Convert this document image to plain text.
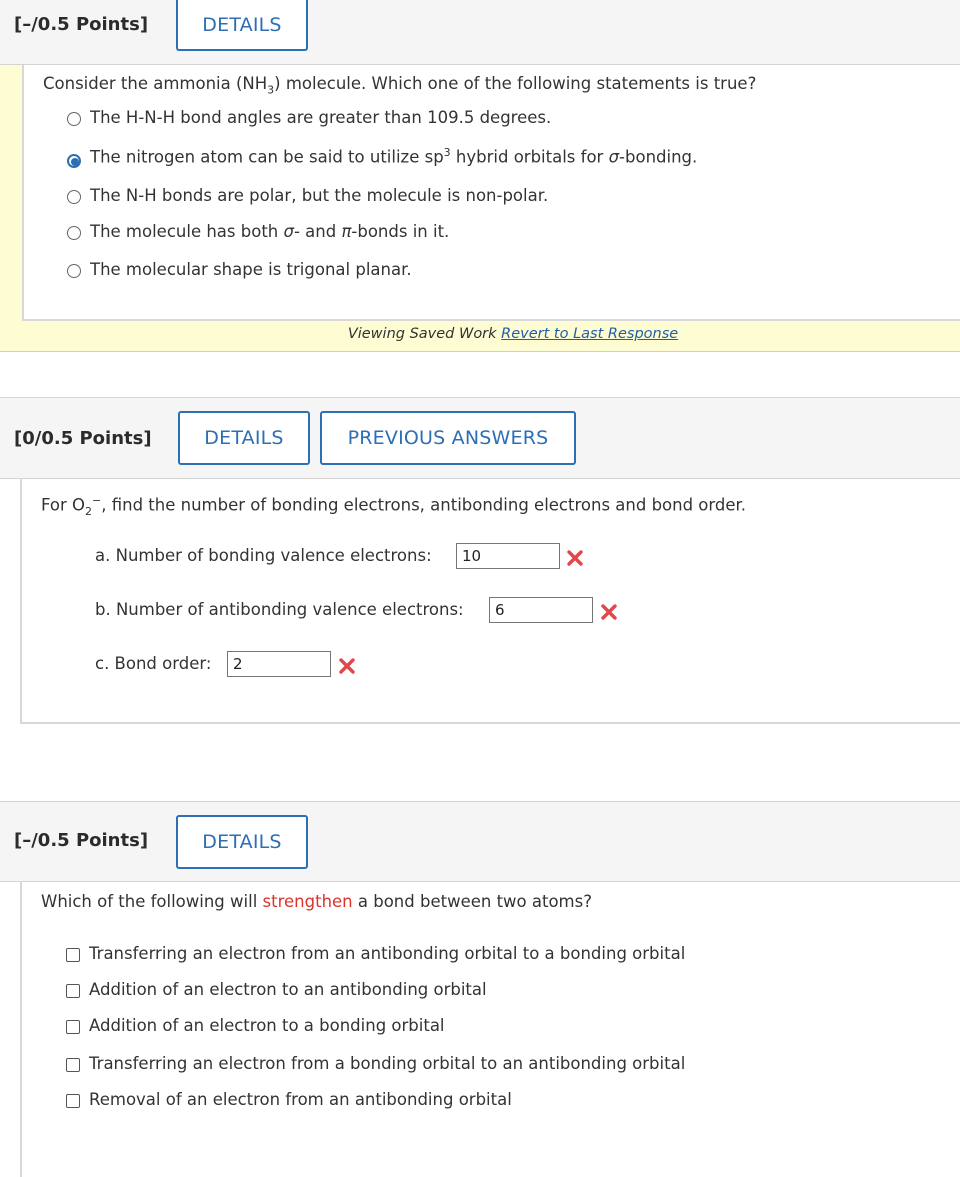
[–/0.5 Points]	DETAILS
Consider the ammonia $(NH_3)$ molecule. Which one of the following statements is true?
The H-N-H bond angles are greater than 109.5 degrees.
The nitrogen atom can be said to utilize $sp^3$ hybrid orbitals for σ-bonding.
The N-H bonds are polar, but the molecule is non-polar.
The molecule has both σ- and π-bonds in it.
The molecular shape is trigonal planar.
Viewing Saved Work Revert to Last Response
[0/0.5 Points]	DETAILS	PREVIOUS ANSWERS
For $O_2^-$, find the number of bonding electrons, antibonding electrons and bond order.
a. Number of bonding valence electrons:	10
b. Number of antibonding valence electrons:	6
c. Bond order:	2
[–/0.5 Points]	DETAILS
Which of the following will strengthen a bond between two atoms?
Transferring an electron from an antibonding orbital to a bonding orbital
Addition of an electron to an antibonding orbital
Addition of an electron to a bonding orbital
Transferring an electron from a bonding orbital to an antibonding orbital
Removal of an electron from an antibonding orbital
